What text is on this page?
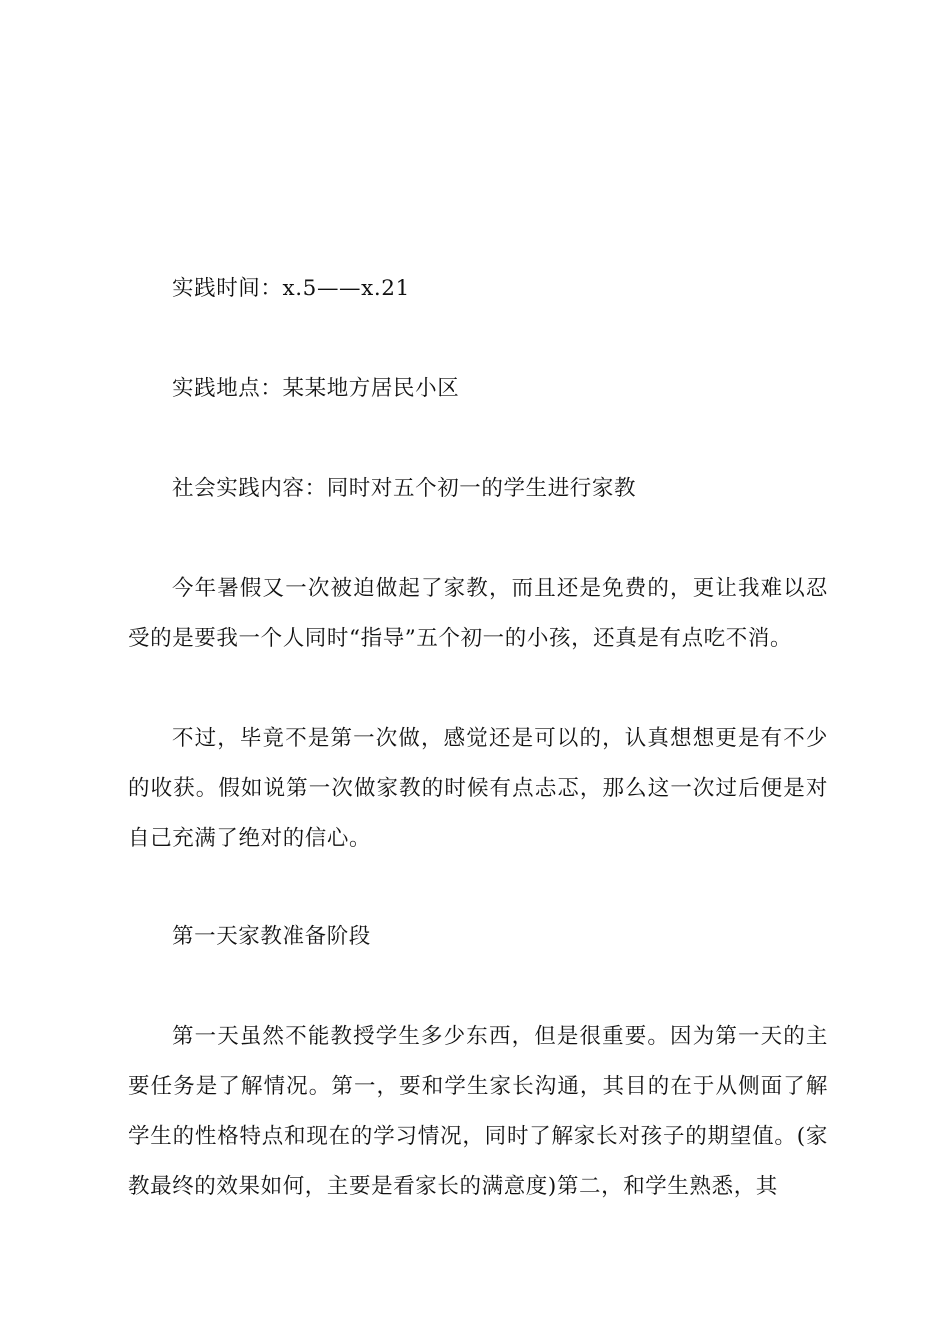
实践时间：x.5——x.21

实践地点：某某地方居民小区

社会实践内容：同时对五个初一的学生进行家教

今年暑假又一次被迫做起了家教，而且还是免费的，更让我难以忍受的是要我一个人同时“指导”五个初一的小孩，还真是有点吃不消。

不过，毕竟不是第一次做，感觉还是可以的，认真想想更是有不少的收获。假如说第一次做家教的时候有点忐忑，那么这一次过后便是对自己充满了绝对的信心。

第一天家教准备阶段

第一天虽然不能教授学生多少东西，但是很重要。因为第一天的主要任务是了解情况。第一，要和学生家长沟通，其目的在于从侧面了解学生的性格特点和现在的学习情况，同时了解家长对孩子的期望值。(家教最终的效果如何，主要是看家长的满意度)第二，和学生熟悉，其
